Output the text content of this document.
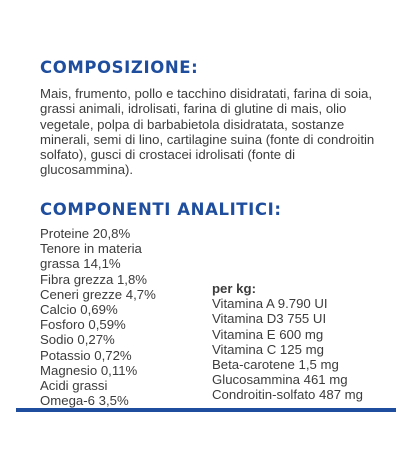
COMPOSIZIONE:

Mais, frumento, pollo e tacchino disidratati, farina di soia, grassi animali, idrolisati, farina di glutine di mais, olio vegetale, polpa di barbabietola disidratata, sostanze minerali, semi di lino, cartilagine suina (fonte di condroitin solfato), gusci di crostacei idrolisati (fonte di glucosammina).

COMPONENTI ANALITICI:
Proteine 20,8%
Tenore in materia
grassa 14,1%
Fibra grezza 1,8%
Ceneri grezze 4,7%
Calcio 0,69%
Fosforo 0,59%
Sodio 0,27%
Potassio 0,72%
Magnesio 0,11%
Acidi grassi
Omega-6 3,5%
per kg:
Vitamina A 9.790 UI
Vitamina D3 755 UI
Vitamina E 600 mg
Vitamina C 125 mg
Beta-carotene 1,5 mg
Glucosammina 461 mg
Condroitin-solfato 487 mg
